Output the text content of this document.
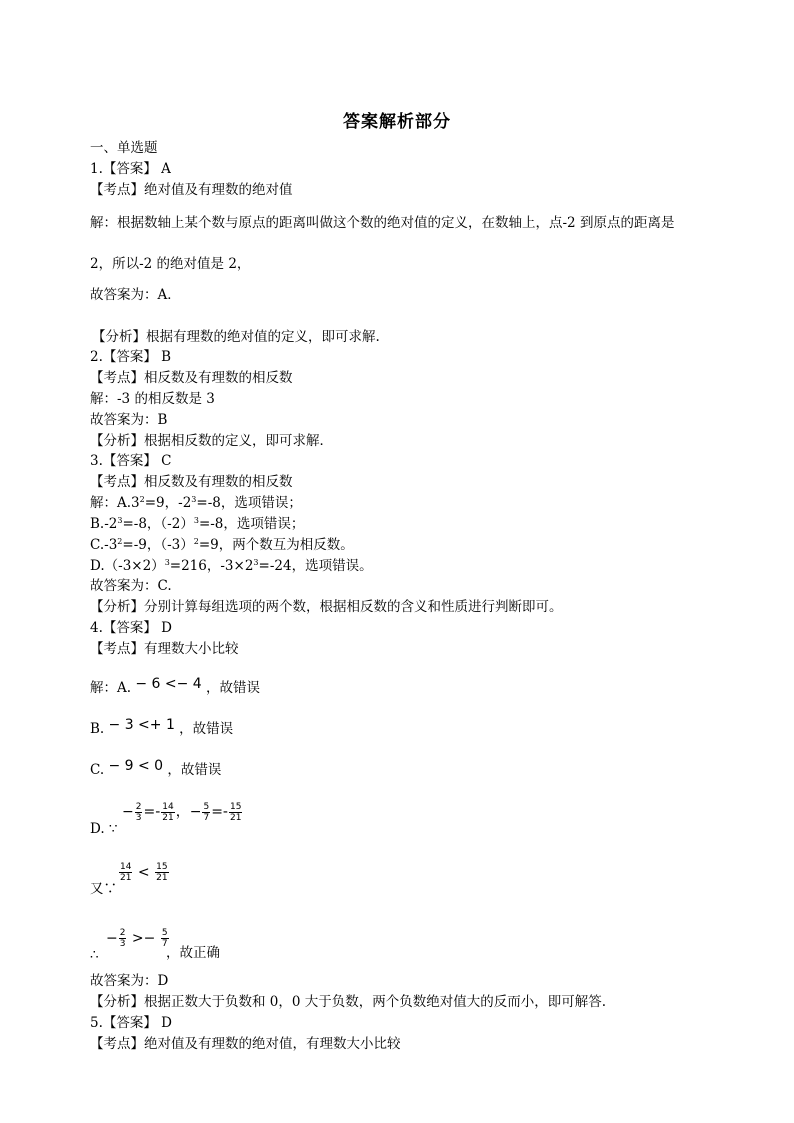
答案解析部分
一、单选题
1.【答案】 A
【考点】绝对值及有理数的绝对值
解：根据数轴上某个数与原点的距离叫做这个数的绝对值的定义，在数轴上，点-2 到原点的距离是
2，所以-2 的绝对值是 2，
故答案为：A．
【分析】根据有理数的绝对值的定义，即可求解.
2.【答案】 B
【考点】相反数及有理数的相反数
解：-3 的相反数是 3
故答案为：B
【分析】根据相反数的定义，即可求解．
3.【答案】 C
【考点】相反数及有理数的相反数
解：$A.3^2=9$，$-2^3=-8$，选项错误；
$B.-2^3=-8$，$(-2)^3=-8$，选项错误；
$C.-3^2=-9$，$(-3)^2=9$，两个数互为相反数。
$D.(-3\times 2)^3=216$，$-3\times 2^3=-24$，选项错误。
故答案为：C.
【分析】分别计算每组选项的两个数，根据相反数的含义和性质进行判断即可。
4.【答案】 D
【考点】有理数大小比较
解：A. − 6 <− 4 ，故错误
B. − 3 <+ 1 ，故错误
C. − 9 < 0 ，故错误
D. ∵
− $\frac{2}{3} =- \frac{14}{21}$ ，− $\frac{5}{7} =- \frac{15}{21}$
又∵
$\frac{14}{21} < \frac{15}{21}$
∴
− $\frac{2}{3} >- \frac{5}{7}$
，故正确
故答案为：D
【分析】根据正数大于负数和 0，0 大于负数，两个负数绝对值大的反而小，即可解答.
5.【答案】 D
【考点】绝对值及有理数的绝对值，有理数大小比较
